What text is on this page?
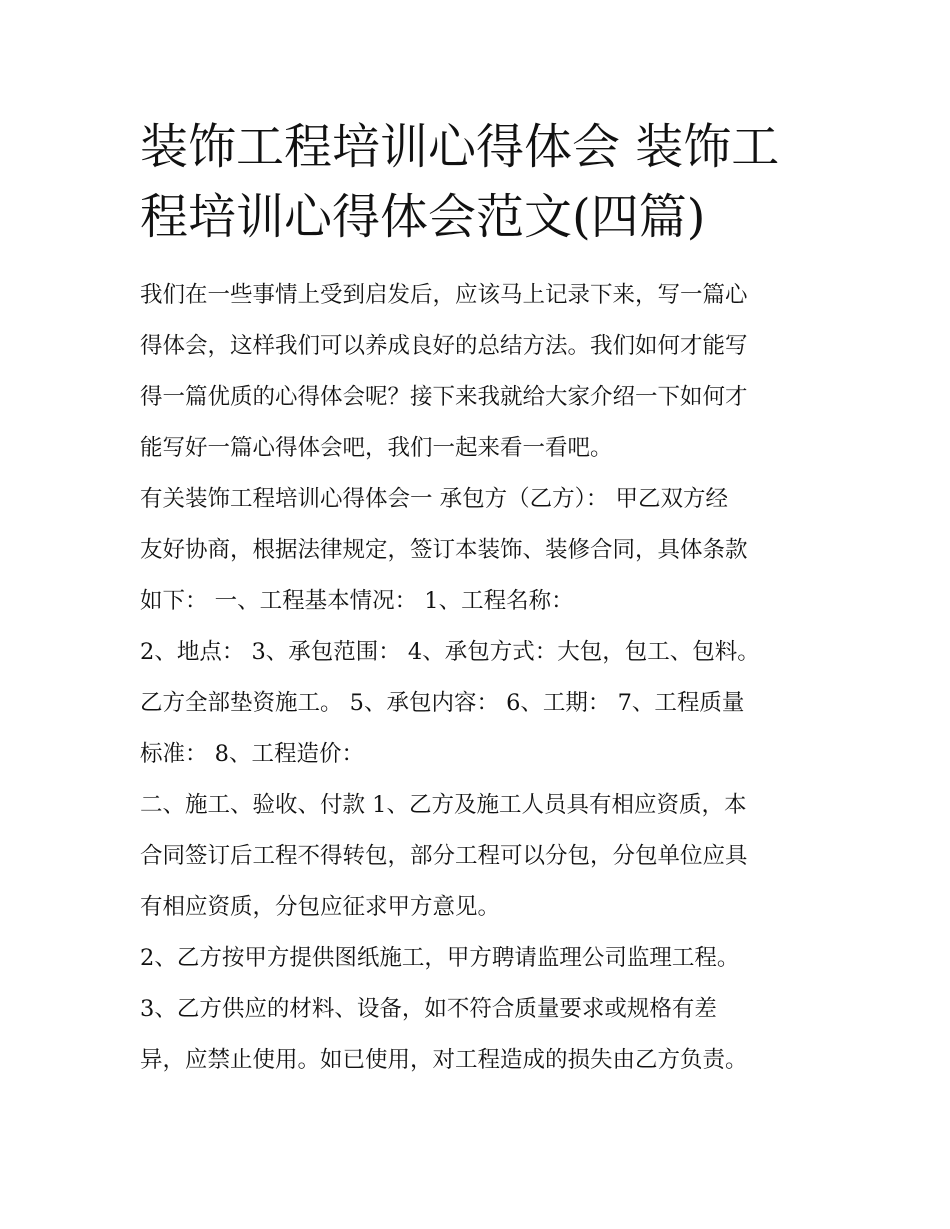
装饰工程培训心得体会 装饰工
程培训心得体会范文(四篇)
我们在一些事情上受到启发后，应该马上记录下来，写一篇心
得体会，这样我们可以养成良好的总结方法。我们如何才能写
得一篇优质的心得体会呢？接下来我就给大家介绍一下如何才
能写好一篇心得体会吧，我们一起来看一看吧。
有关装饰工程培训心得体会一 承包方（乙方）： 甲乙双方经
友好协商，根据法律规定，签订本装饰、装修合同，具体条款
如下： 一、工程基本情况： 1、工程名称：
2、地点： 3、承包范围： 4、承包方式：大包，包工、包料。
乙方全部垫资施工。 5、承包内容： 6、工期： 7、工程质量
标准： 8、工程造价：
二、施工、验收、付款 1、乙方及施工人员具有相应资质，本
合同签订后工程不得转包，部分工程可以分包，分包单位应具
有相应资质，分包应征求甲方意见。
2、乙方按甲方提供图纸施工，甲方聘请监理公司监理工程。
3、乙方供应的材料、设备，如不符合质量要求或规格有差
异，应禁止使用。如已使用，对工程造成的损失由乙方负责。
